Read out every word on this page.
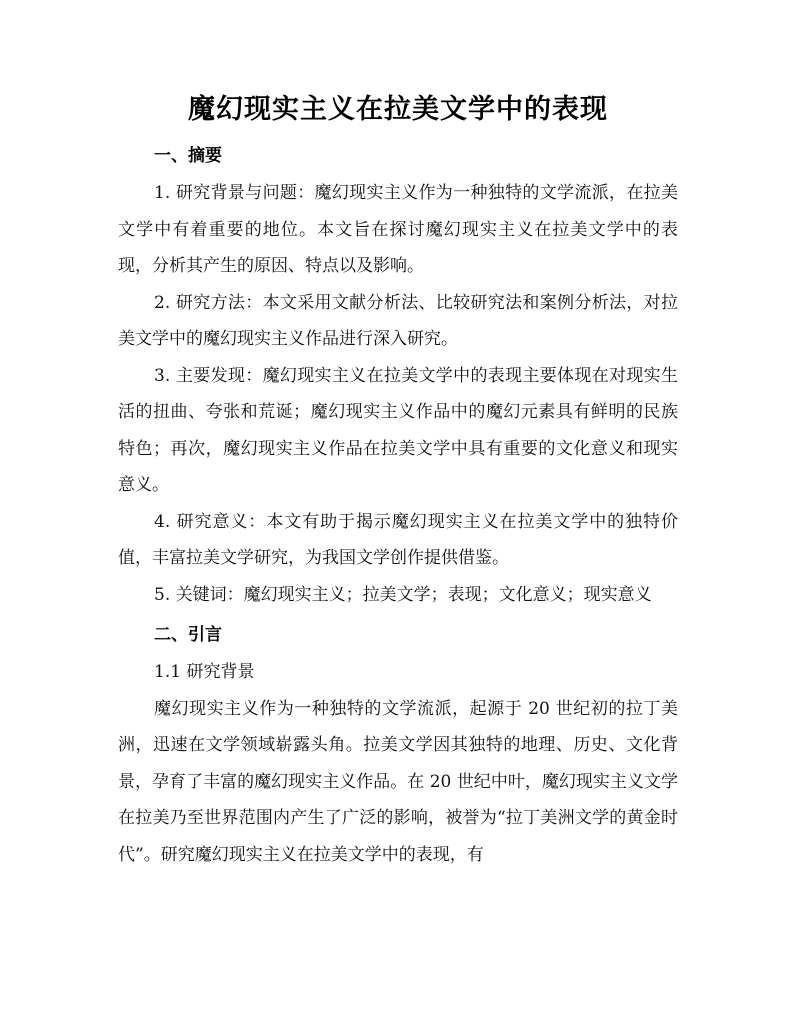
魔幻现实主义在拉美文学中的表现
一、摘要

1. 研究背景与问题：魔幻现实主义作为一种独特的文学流派，在拉美文学中有着重要的地位。本文旨在探讨魔幻现实主义在拉美文学中的表现，分析其产生的原因、特点以及影响。

2. 研究方法：本文采用文献分析法、比较研究法和案例分析法，对拉美文学中的魔幻现实主义作品进行深入研究。

3. 主要发现：魔幻现实主义在拉美文学中的表现主要体现在对现实生活的扭曲、夸张和荒诞；魔幻现实主义作品中的魔幻元素具有鲜明的民族特色；再次，魔幻现实主义作品在拉美文学中具有重要的文化意义和现实意义。

4. 研究意义：本文有助于揭示魔幻现实主义在拉美文学中的独特价值，丰富拉美文学研究，为我国文学创作提供借鉴。

5. 关键词：魔幻现实主义；拉美文学；表现；文化意义；现实意义

二、引言
1.1 研究背景

魔幻现实主义作为一种独特的文学流派，起源于 20 世纪初的拉丁美洲，迅速在文学领域崭露头角。拉美文学因其独特的地理、历史、文化背景，孕育了丰富的魔幻现实主义作品。在 20 世纪中叶，魔幻现实主义文学在拉美乃至世界范围内产生了广泛的影响，被誉为“拉丁美洲文学的黄金时代”。研究魔幻现实主义在拉美文学中的表现，有
